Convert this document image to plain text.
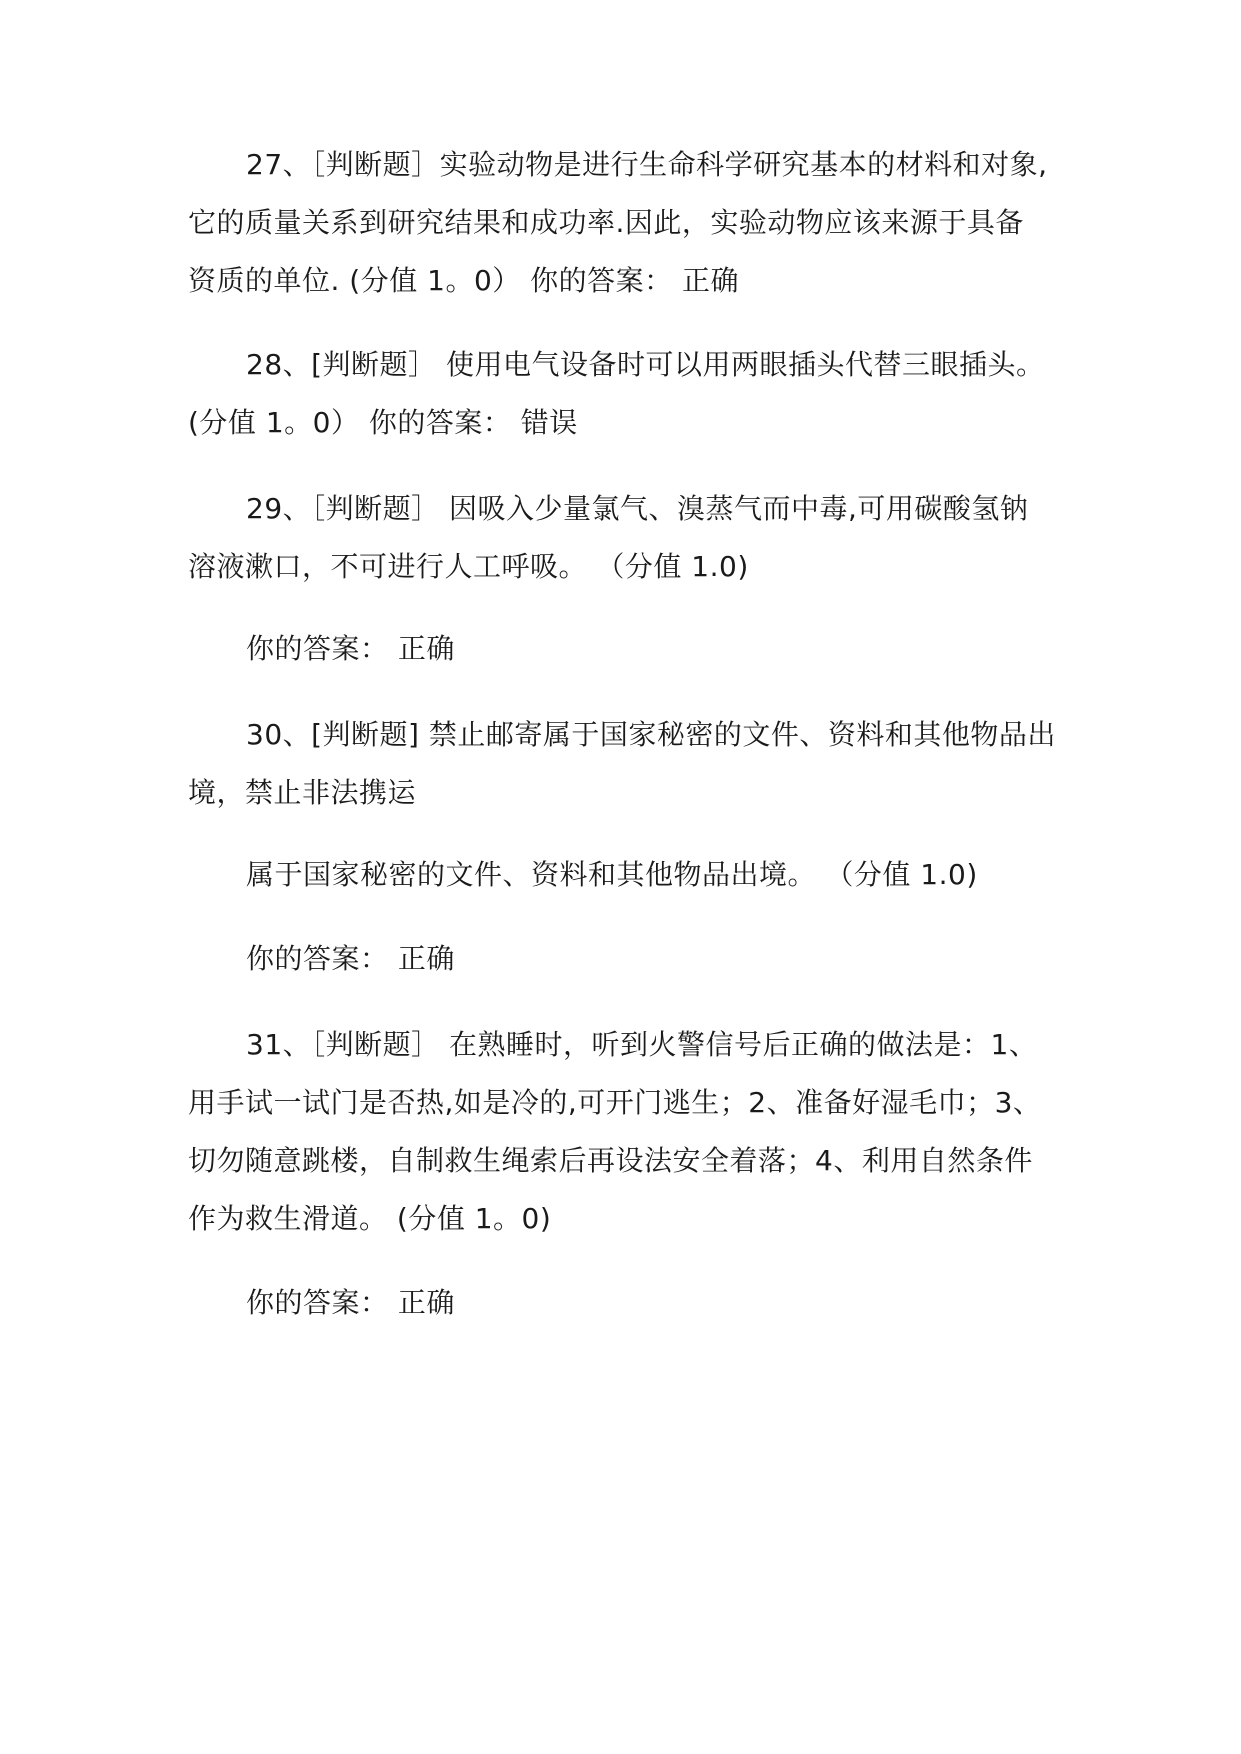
27、［判断题］实验动物是进行生命科学研究基本的材料和对象,
它的质量关系到研究结果和成功率.因此，实验动物应该来源于具备
资质的单位. (分值 1。0） 你的答案： 正确
28、[判断题］ 使用电气设备时可以用两眼插头代替三眼插头。
(分值 1。0） 你的答案： 错误
29、［判断题］ 因吸入少量氯气、溴蒸气而中毒,可用碳酸氢钠
溶液漱口，不可进行人工呼吸。 （分值 1.0)
你的答案： 正确
30、[判断题] 禁止邮寄属于国家秘密的文件、资料和其他物品出
境，禁止非法携运
属于国家秘密的文件、资料和其他物品出境。 （分值 1.0)
你的答案： 正确
31、［判断题］ 在熟睡时，听到火警信号后正确的做法是：1、
用手试一试门是否热,如是冷的,可开门逃生；2、准备好湿毛巾；3、
切勿随意跳楼，自制救生绳索后再设法安全着落；4、利用自然条件
作为救生滑道。 (分值 1。0)
你的答案： 正确
